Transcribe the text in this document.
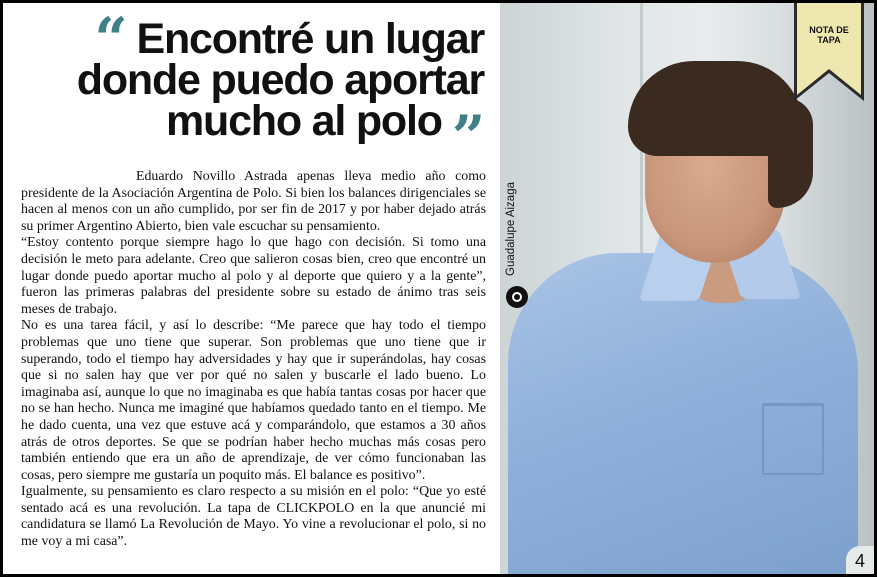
“ Encontré un lugar
donde puedo aportar
mucho al polo ”

Eduardo Novillo Astrada apenas lleva medio año como presidente de la Asociación Argentina de Polo. Si bien los balances dirigenciales se hacen al menos con un año cumplido, por ser fin de 2017 y por haber dejado atrás su primer Argentino Abierto, bien vale escuchar su pensamiento.

“Estoy contento porque siempre hago lo que hago con decisión. Si tomo una decisión le meto para adelante. Creo que salieron cosas bien, creo que encontré un lugar donde puedo aportar mucho al polo y al deporte que quiero y a la gente”, fueron las primeras palabras del presidente sobre su estado de ánimo tras seis meses de trabajo.

No es una tarea fácil, y así lo describe: “Me parece que hay todo el tiempo problemas que uno tiene que superar. Son problemas que uno tiene que ir superando, todo el tiempo hay adversidades y hay que ir superándolas, hay cosas que si no salen hay que ver por qué no salen y buscarle el lado bueno. Lo imaginaba así, aunque lo que no imaginaba es que había tantas cosas por hacer que no se han hecho. Nunca me imaginé que habíamos quedado tanto en el tiempo. Me he dado cuenta, una vez que estuve acá y comparándolo, que estamos a 30 años atrás de otros deportes. Se que se podrían haber hecho muchas más cosas pero también entiendo que era un año de aprendizaje, de ver cómo funcionaban las cosas, pero siempre me gustaría un poquito más. El balance es positivo”.

Igualmente, su pensamiento es claro respecto a su misión en el polo: “Que yo esté sentado acá es una revolución. La tapa de CLICKPOLO en la que anuncié mi candidatura se llamó La Revolución de Mayo. Yo vine a revolucionar el polo, si no me voy a mi casa”.

Guadalupe Aizaga
NOTA DE
TAPA
4
